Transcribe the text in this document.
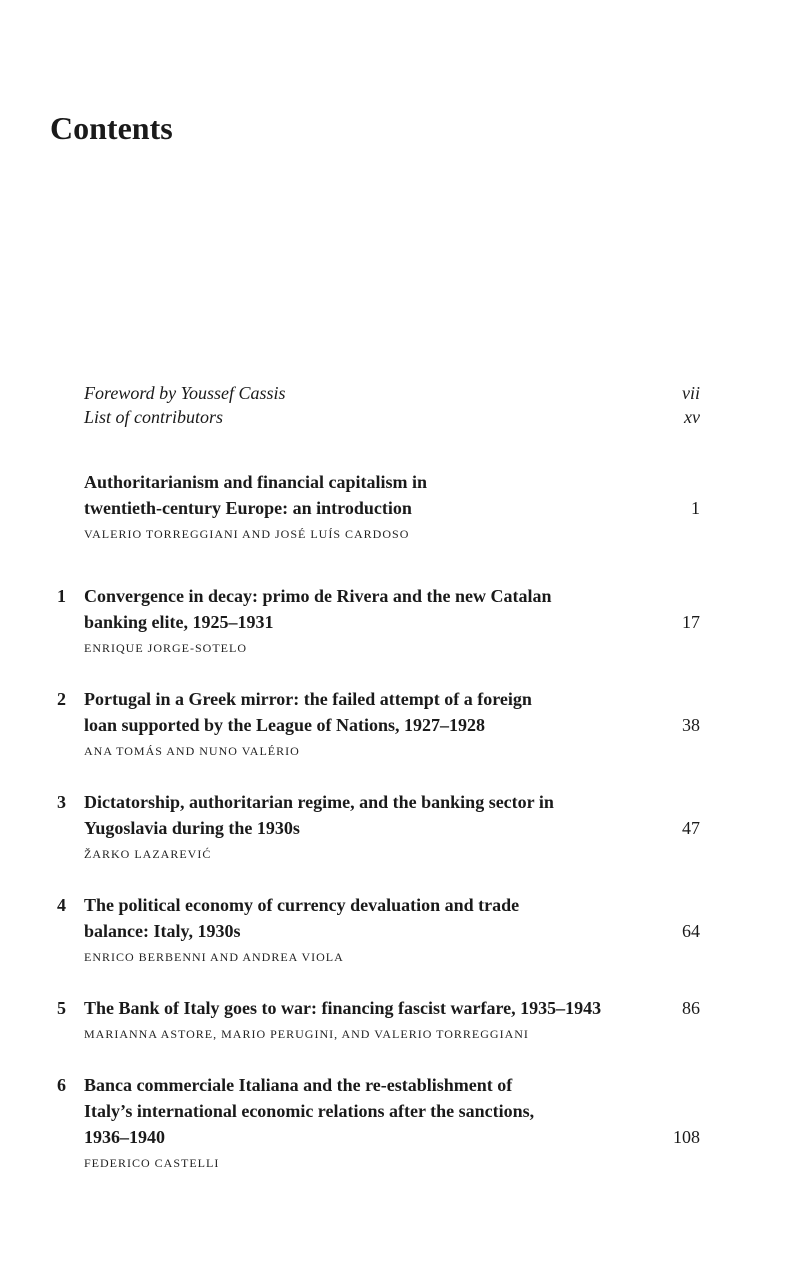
Contents
Foreword by Youssef Cassis	vii
List of contributors	xv
Authoritarianism and financial capitalism in
twentieth-century Europe: an introduction	1
VALERIO TORREGGIANI AND JOSÉ LUÍS CARDOSO
1 Convergence in decay: primo de Rivera and the new Catalan
banking elite, 1925–1931	17
ENRIQUE JORGE-SOTELO
2 Portugal in a Greek mirror: the failed attempt of a foreign
loan supported by the League of Nations, 1927–1928	38
ANA TOMÁS AND NUNO VALÉRIO
3 Dictatorship, authoritarian regime, and the banking sector in
Yugoslavia during the 1930s	47
ŽARKO LAZAREVIĆ
4 The political economy of currency devaluation and trade
balance: Italy, 1930s	64
ENRICO BERBENNI AND ANDREA VIOLA
5 The Bank of Italy goes to war: financing fascist warfare, 1935–1943	86
MARIANNA ASTORE, MARIO PERUGINI, AND VALERIO TORREGGIANI
6 Banca commerciale Italiana and the re-establishment of
Italy’s international economic relations after the sanctions,
1936–1940	108
FEDERICO CASTELLI
